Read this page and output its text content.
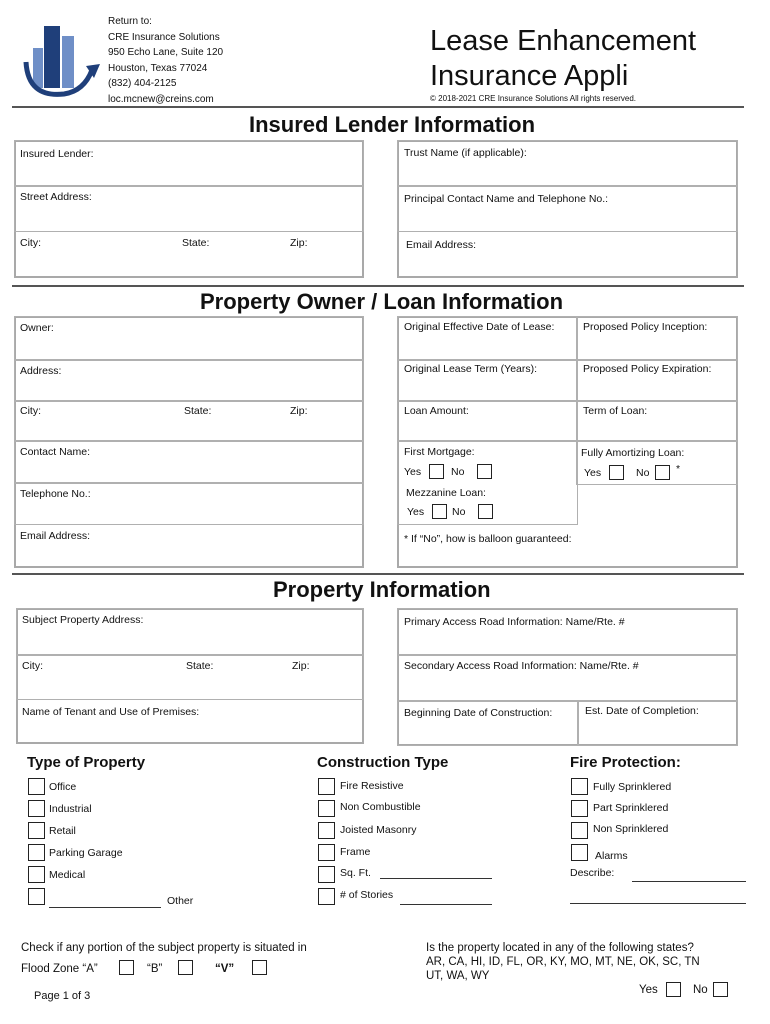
Return to:
CRE Insurance Solutions
950 Echo Lane, Suite 120
Houston, Texas 77024
(832) 404-2125
loc.mcnew@creins.com
Lease Enhancement
Insurance Appli
© 2018-2021 CRE Insurance Solutions All rights reserved.
Insured Lender Information
Insured Lender:
Street Address:
City:	State:	Zip:
Trust Name (if applicable):
Principal Contact Name and Telephone No.:
Email Address:
Property Owner / Loan Information
Owner:
Address:
City:	State:	Zip:
Contact Name:
Telephone No.:
Email Address:
Original Effective Date of Lease:	Proposed Policy Inception:
Original Lease Term (Years):	Proposed Policy Expiration:
Loan Amount:	Term of Loan:
First Mortgage:
Yes	No
Fully Amortizing Loan:
Yes	No	*
Mezzanine Loan:
Yes	No
* If “No”, how is balloon guaranteed:
Property Information
Subject Property Address:
City:	State:	Zip:
Name of Tenant and Use of Premises:
Primary Access Road Information: Name/Rte. #
Secondary Access Road Information: Name/Rte. #
Beginning Date of Construction:	Est. Date of Completion:
Type of Property
Office
Industrial
Retail
Parking Garage
Medical
Other
Construction Type
Fire Resistive
Non Combustible
Joisted Masonry
Frame
Sq. Ft.
# of Stories
Fire Protection:
Fully Sprinklered
Part Sprinklered
Non Sprinklered
Alarms
Describe:
Check if any portion of the subject property is situated in
Flood Zone “A”	“B”	“V”
Is the property located in any of the following states?
AR, CA, HI, ID, FL, OR, KY, MO, MT, NE, OK, SC, TN
UT, WA, WY
Yes	No
Page 1 of 3
